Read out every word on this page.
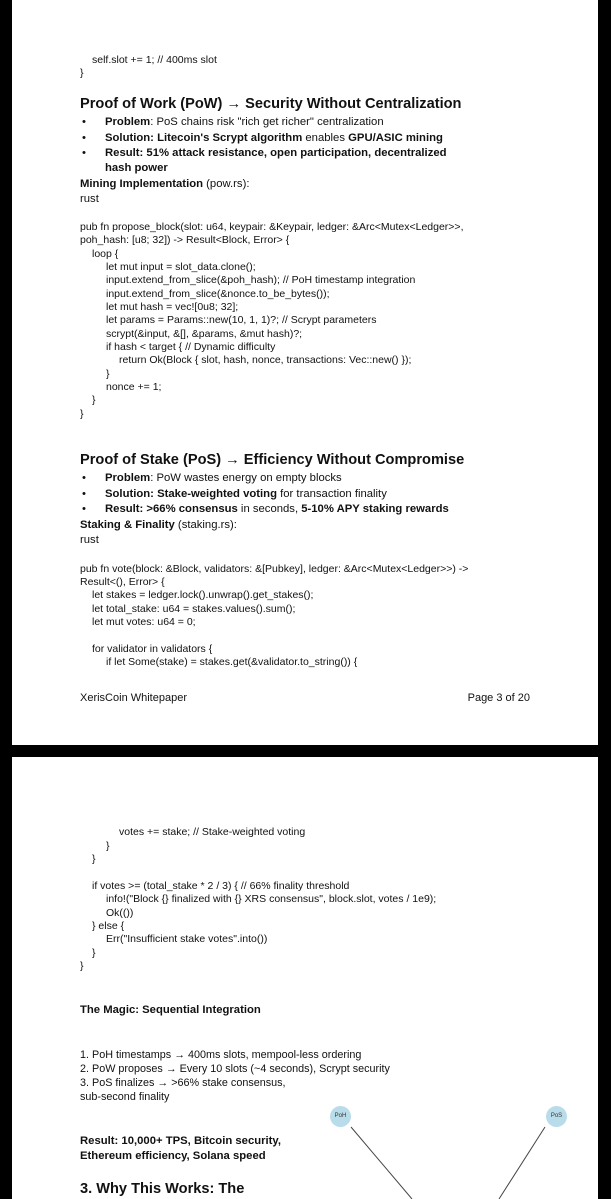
self.slot += 1; // 400ms slot
}
Proof of Work (PoW) → Security Without Centralization
• Problem: PoS chains risk "rich get richer" centralization
• Solution: Litecoin's Scrypt algorithm enables GPU/ASIC mining
• Result: 51% attack resistance, open participation, decentralized
hash power
Mining Implementation (pow.rs):
rust
pub fn propose_block(slot: u64, keypair: &Keypair, ledger: &Arc<Mutex<Ledger>>,
poh_hash: [u8; 32]) -> Result<Block, Error> {
loop {
let mut input = slot_data.clone();
input.extend_from_slice(&poh_hash); // PoH timestamp integration
input.extend_from_slice(&nonce.to_be_bytes());
let mut hash = vec![0u8; 32];
let params = Params::new(10, 1, 1)?; // Scrypt parameters
scrypt(&input, &[], &params, &mut hash)?;
if hash < target { // Dynamic difficulty
return Ok(Block { slot, hash, nonce, transactions: Vec::new() });
}
nonce += 1;
}
}
Proof of Stake (PoS) → Efficiency Without Compromise
• Problem: PoW wastes energy on empty blocks
• Solution: Stake-weighted voting for transaction finality
• Result: >66% consensus in seconds, 5-10% APY staking rewards
Staking & Finality (staking.rs):
rust
pub fn vote(block: &Block, validators: &[Pubkey], ledger: &Arc<Mutex<Ledger>>) ->
Result<(), Error> {
let stakes = ledger.lock().unwrap().get_stakes();
let total_stake: u64 = stakes.values().sum();
let mut votes: u64 = 0;
for validator in validators {
if let Some(stake) = stakes.get(&validator.to_string()) {
XerisCoin Whitepaper	Page 3 of 20
votes += stake; // Stake-weighted voting
}
}
if votes >= (total_stake * 2 / 3) { // 66% finality threshold
info!("Block {} finalized with {} XRS consensus", block.slot, votes / 1e9);
Ok(())
} else {
Err("Insufficient stake votes".into())
}
}
The Magic: Sequential Integration
1. PoH timestamps → 400ms slots, mempool-less ordering
2. PoW proposes → Every 10 slots (~4 seconds), Scrypt security
3. PoS finalizes → >66% stake consensus,
sub-second finality
Result: 10,000+ TPS, Bitcoin security,
Ethereum efficiency, Solana speed
3. Why This Works: The
PoH	PoS
